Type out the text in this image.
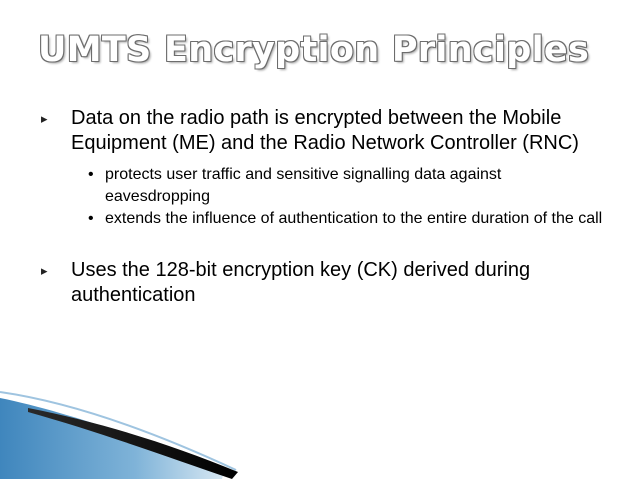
UMTS Encryption Principles
▸ Data on the radio path is encrypted between the Mobile Equipment (ME) and the Radio Network Controller (RNC)
• protects user traffic and sensitive signalling data against eavesdropping
• extends the influence of authentication to the entire duration of the call
▸ Uses the 128-bit encryption key (CK) derived during authentication
